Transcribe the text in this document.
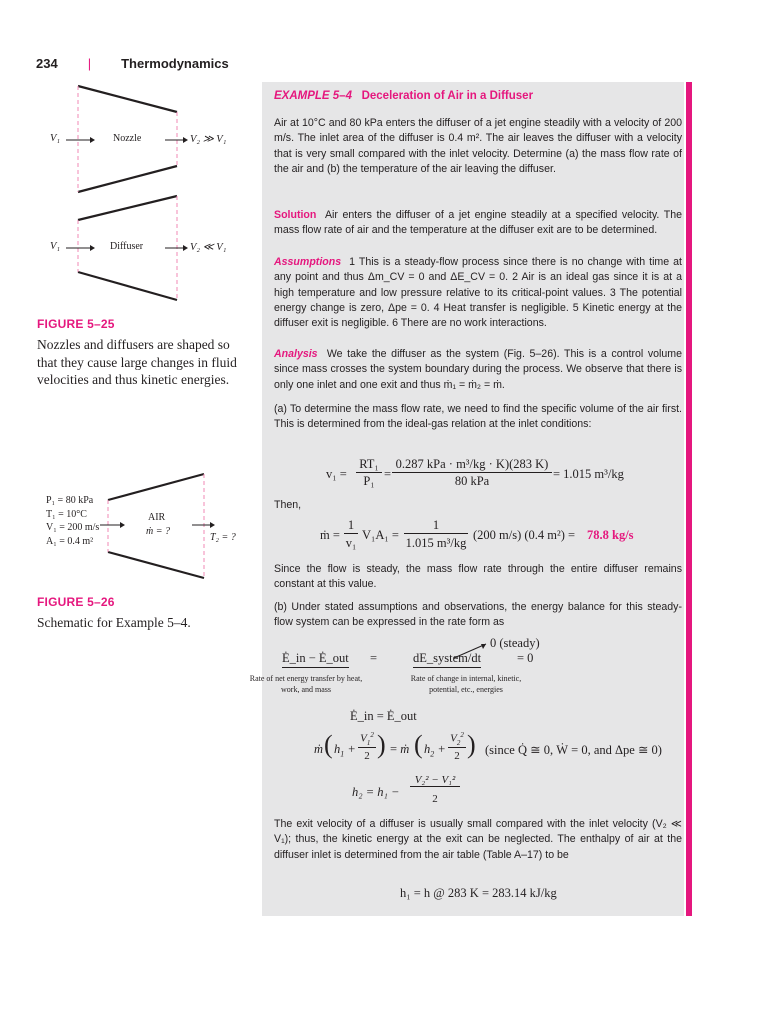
234 | Thermodynamics
V₁	Nozzle	V₂ ≫ V₁
V₁	Diffuser	V₂ ≪ V₁
FIGURE 5–25
Nozzles and diffusers are shaped so that they cause large changes in fluid velocities and thus kinetic energies.
P₁ = 80 kPa
T₁ = 10°C
V₁ = 200 m/s
A₁ = 0.4 m²
AIR
ṁ = ?
T₂ = ?
FIGURE 5–26
Schematic for Example 5–4.
EXAMPLE 5–4 Deceleration of Air in a Diffuser
Air at 10°C and 80 kPa enters the diffuser of a jet engine steadily with a velocity of 200 m/s. The inlet area of the diffuser is 0.4 m². The air leaves the diffuser with a velocity that is very small compared with the inlet velocity. Determine (a) the mass flow rate of the air and (b) the temperature of the air leaving the diffuser.
Solution Air enters the diffuser of a jet engine steadily at a specified velocity. The mass flow rate of air and the temperature at the diffuser exit are to be determined.
Assumptions 1 This is a steady-flow process since there is no change with time at any point and thus Δm_CV = 0 and ΔE_CV = 0. 2 Air is an ideal gas since it is at a high temperature and low pressure relative to its critical-point values. 3 The potential energy change is zero, Δpe = 0. 4 Heat transfer is negligible. 5 Kinetic energy at the diffuser exit is negligible. 6 There are no work interactions.
Analysis We take the diffuser as the system (Fig. 5–26). This is a control volume since mass crosses the system boundary during the process. We observe that there is only one inlet and one exit and thus ṁ₁ = ṁ₂ = ṁ.
(a) To determine the mass flow rate, we need to find the specific volume of the air first. This is determined from the ideal-gas relation at the inlet conditions:
v₁ =
RT₁
P₁ =
0.287 kPa · m³/kg · K)(283 K)
80 kPa	= 1.015 m³/kg
Then,
ṁ =
1
v₁
V₁A₁ =
1
1.015 m³/kg
(200 m/s) (0.4 m²) = 78.8 kg/s
Since the flow is steady, the mass flow rate through the entire diffuser remains constant at this value.
(b) Under stated assumptions and observations, the energy balance for this steady-flow system can be expressed in the rate form as
Ė_in − Ė_out
Rate of net energy transfer by heat, work, and mass
=	dE_system/dt
Rate of change in internal, kinetic, potential, etc., energies
0 (steady)
= 0
Ė_in = Ė_out
ṁ ( $h_1$ +
$V_1^2$
2 ) = ṁ ( $h_2$ +
$V_2^2$
2 ) (since Q̇ ≅ 0, Ẇ = 0, and Δpe ≅ 0)
h₂ = h₁ −
V₂² − V₁²
2
The exit velocity of a diffuser is usually small compared with the inlet velocity (V₂ ≪ V₁); thus, the kinetic energy at the exit can be neglected. The enthalpy of air at the diffuser inlet is determined from the air table (Table A–17) to be
h₁ = h @ 283 K = 283.14 kJ/kg
